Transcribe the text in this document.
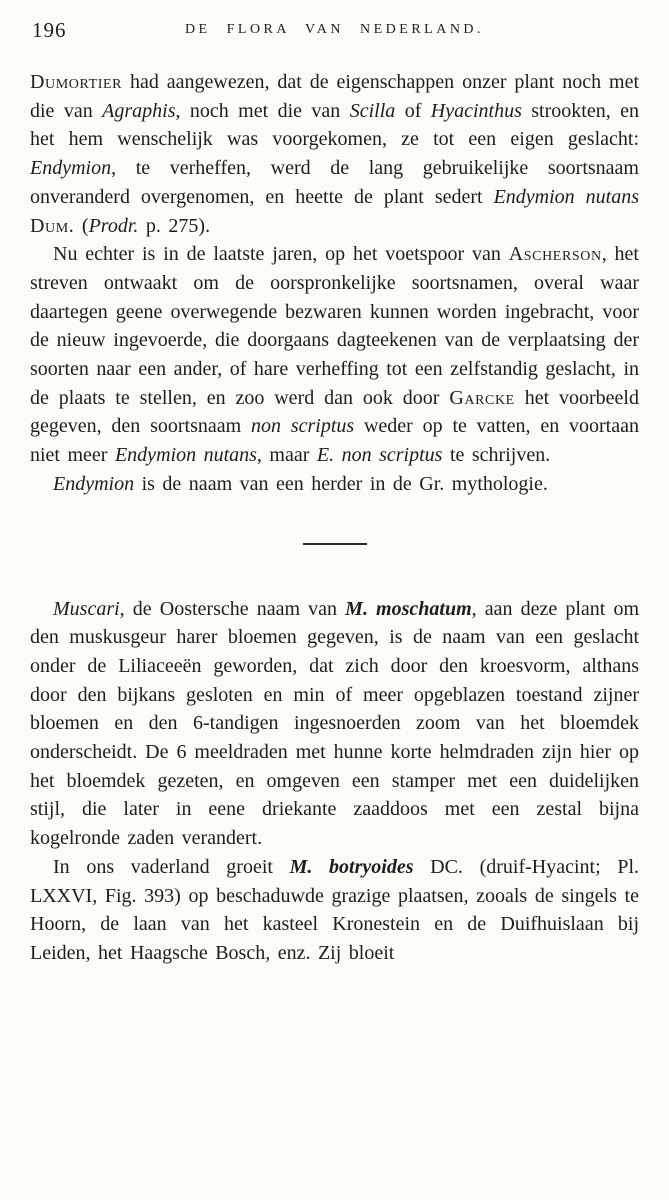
196	DE FLORA VAN NEDERLAND.

Dumortier had aangewezen, dat de eigenschappen onzer plant noch met die van Agraphis, noch met die van Scilla of Hyacinthus strookten, en het hem wenschelijk was voorgekomen, ze tot een eigen geslacht: Endymion, te verheffen, werd de lang gebruikelijke soortsnaam onveranderd overgenomen, en heette de plant sedert Endymion nutans Dum. (Prodr. p. 275).

Nu echter is in de laatste jaren, op het voetspoor van Ascherson, het streven ontwaakt om de oorspronkelijke soortsnamen, overal waar daartegen geene overwegende bezwaren kunnen worden ingebracht, voor de nieuw ingevoerde, die doorgaans dagteekenen van de verplaatsing der soorten naar een ander, of hare verheffing tot een zelfstandig geslacht, in de plaats te stellen, en zoo werd dan ook door Garcke het voorbeeld gegeven, den soortsnaam non scriptus weder op te vatten, en voortaan niet meer Endymion nutans, maar E. non scriptus te schrijven.

Endymion is de naam van een herder in de Gr. mythologie.

Muscari, de Oostersche naam van M. moschatum, aan deze plant om den muskusgeur harer bloemen gegeven, is de naam van een geslacht onder de Liliaceeën geworden, dat zich door den kroesvorm, althans door den bijkans gesloten en min of meer opgeblazen toestand zijner bloemen en den 6-tandigen ingesnoerden zoom van het bloemdek onderscheidt. De 6 meeldraden met hunne korte helmdraden zijn hier op het bloemdek gezeten, en omgeven een stamper met een duidelijken stijl, die later in eene driekante zaaddoos met een zestal bijna kogelronde zaden verandert.

In ons vaderland groeit M. botryoides DC. (druif-Hyacint; Pl. LXXVI, Fig. 393) op beschaduwde grazige plaatsen, zooals de singels te Hoorn, de laan van het kasteel Kronestein en de Duifhuislaan bij Leiden, het Haagsche Bosch, enz. Zij bloeit
